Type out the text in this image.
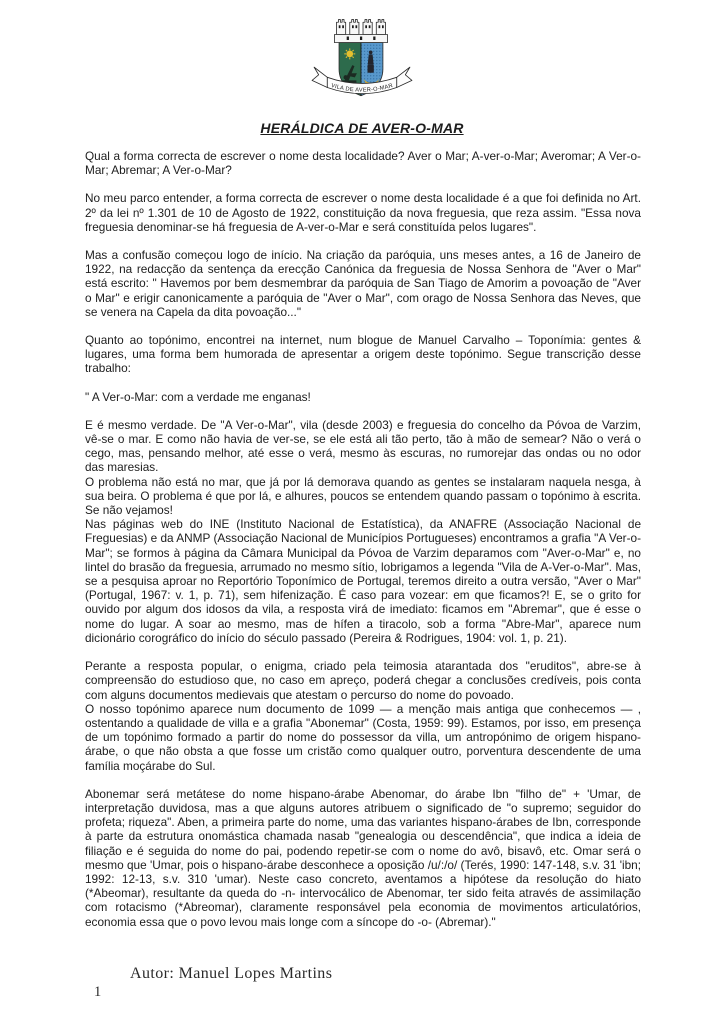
VILA DE AVER-O-MAR
HERÁLDICA DE AVER-O-MAR

Qual a forma correcta de escrever o nome desta localidade? Aver o Mar; A-ver-o-Mar; Averomar; A Ver-o-Mar; Abremar; A Ver-o-Mar?

No meu parco entender, a forma correcta de escrever o nome desta localidade é a que foi definida no Art. 2º da lei nº 1.301 de 10 de Agosto de 1922, constituição da nova freguesia, que reza assim. "Essa nova freguesia denominar-se há freguesia de A-ver-o-Mar e será constituída pelos lugares".

Mas a confusão começou logo de início. Na criação da paróquia, uns meses antes, a 16 de Janeiro de 1922, na redacção da sentença da erecção Canónica da freguesia de Nossa Senhora de "Aver o Mar" está escrito: " Havemos por bem desmembrar da paróquia de San Tiago de Amorim a povoação de "Aver o Mar" e erigir canonicamente a paróquia de "Aver o Mar", com orago de Nossa Senhora das Neves, que se venera na Capela da dita povoação..."

Quanto ao topónimo, encontrei na internet, num blogue de Manuel Carvalho – Toponímia: gentes & lugares, uma forma bem humorada de apresentar a origem deste topónimo. Segue transcrição desse trabalho:

" A Ver-o-Mar: com a verdade me enganas!

E é mesmo verdade. De "A Ver-o-Mar", vila (desde 2003) e freguesia do concelho da Póvoa de Varzim, vê-se o mar. E como não havia de ver-se, se ele está ali tão perto, tão à mão de semear? Não o verá o cego, mas, pensando melhor, até esse o verá, mesmo às escuras, no rumorejar das ondas ou no odor das maresias.

O problema não está no mar, que já por lá demorava quando as gentes se instalaram naquela nesga, à sua beira. O problema é que por lá, e alhures, poucos se entendem quando passam o topónimo à escrita. Se não vejamos!

Nas páginas web do INE (Instituto Nacional de Estatística), da ANAFRE (Associação Nacional de Freguesias) e da ANMP (Associação Nacional de Municípios Portugueses) encontramos a grafia "A Ver-o-Mar"; se formos à página da Câmara Municipal da Póvoa de Varzim deparamos com "Aver-o-Mar" e, no lintel do brasão da freguesia, arrumado no mesmo sítio, lobrigamos a legenda "Vila de A-Ver-o-Mar". Mas, se a pesquisa aproar no Reportório Toponímico de Portugal, teremos direito a outra versão, "Aver o Mar" (Portugal, 1967: v. 1, p. 71), sem hifenização. É caso para vozear: em que ficamos?! E, se o grito for ouvido por algum dos idosos da vila, a resposta virá de imediato: ficamos em "Abremar", que é esse o nome do lugar. A soar ao mesmo, mas de hífen a tiracolo, sob a forma "Abre-Mar", aparece num dicionário corográfico do início do século passado (Pereira & Rodrigues, 1904: vol. 1, p. 21).

Perante a resposta popular, o enigma, criado pela teimosia atarantada dos "eruditos", abre-se à compreensão do estudioso que, no caso em apreço, poderá chegar a conclusões credíveis, pois conta com alguns documentos medievais que atestam o percurso do nome do povoado.

O nosso topónimo aparece num documento de 1099 — a menção mais antiga que conhecemos — , ostentando a qualidade de villa e a grafia "Abonemar" (Costa, 1959: 99). Estamos, por isso, em presença de um topónimo formado a partir do nome do possessor da villa, um antropónimo de origem hispano-árabe, o que não obsta a que fosse um cristão como qualquer outro, porventura descendente de uma família moçárabe do Sul.

Abonemar será metátese do nome hispano-árabe Abenomar, do árabe Ibn "filho de" + 'Umar, de interpretação duvidosa, mas a que alguns autores atribuem o significado de "o supremo; seguidor do profeta; riqueza". Aben, a primeira parte do nome, uma das variantes hispano-árabes de Ibn, corresponde à parte da estrutura onomástica chamada nasab "genealogia ou descendência", que indica a ideia de filiação e é seguida do nome do pai, podendo repetir-se com o nome do avô, bisavô, etc. Omar será o mesmo que 'Umar, pois o hispano-árabe desconhece a oposição /u/:/o/ (Terés, 1990: 147-148, s.v. 31 'ibn; 1992: 12-13, s.v. 310 'umar). Neste caso concreto, aventamos a hipótese da resolução do hiato (*Abeomar), resultante da queda do -n- intervocálico de Abenomar, ter sido feita através de assimilação com rotacismo (*Abreomar), claramente responsável pela economia de movimentos articulatórios, economia essa que o povo levou mais longe com a síncope do -o- (Abremar)."

Autor: Manuel Lopes Martins
1
